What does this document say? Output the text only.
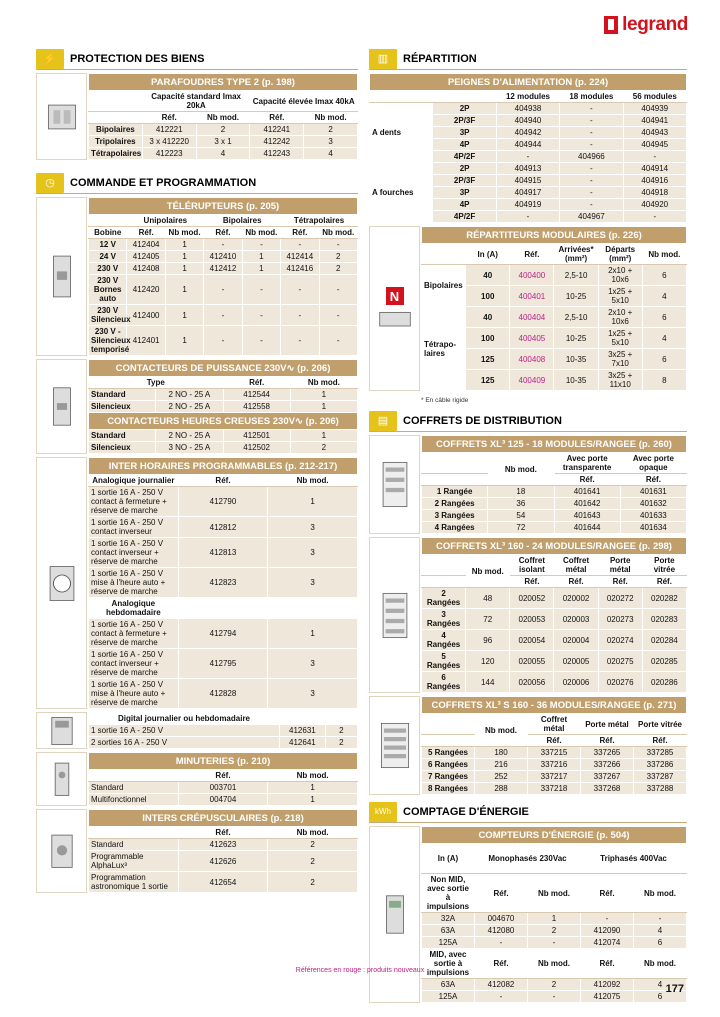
legrand
⚡	PROTECTION DES BIENS
PARAFOUDRES TYPE 2 (p. 198)				
	Capacité standard Imax 20kA		Capacité élevée Imax 40kA	
	Réf.	Nb mod.	Réf.	Nb mod.
Bipolaires	412221	2	412241	2
Tripolaires	3 x 412220	3 x 1	412242	3
Tétrapolaires	412223	4	412243	4
◷	COMMANDE ET PROGRAMMATION
TÉLÉRUPTEURS (p. 205)						
	Unipolaires		Bipolaires		Tétrapolaires	
Bobine	Réf.	Nb mod.	Réf.	Nb mod.	Réf.	Nb mod.
12 V	412404	1	-	-	-	-
24 V	412405	1	412410	1	412414	2
230 V	412408	1	412412	1	412416	2
230 V Bornes auto	412420	1	-	-	-	-
230 V Silencieux	412400	1	-	-	-	-
230 V - Silencieux temporisé	412401	1	-	-	-	-
CONTACTEURS DE PUISSANCE 230V∿ (p. 206)			
Type		Réf.	Nb mod.
Standard	2 NO - 25 A	412544	1
Silencieux	2 NO - 25 A	412558	1
CONTACTEURS HEURES CREUSES 230V∿ (p. 206)			
Standard	2 NO - 25 A	412501	1
Silencieux	3 NO - 25 A	412502	2
INTER HORAIRES PROGRAMMABLES (p. 212-217)		
Analogique journalier	Réf.	Nb mod.
1 sortie 16 A - 250 V contact à fermeture + réserve de marche	412790	1
1 sortie 16 A - 250 V contact inverseur	412812	3
1 sortie 16 A - 250 V contact inverseur + réserve de marche	412813	3
1 sortie 16 A - 250 V mise à l'heure auto + réserve de marche	412823	3
Analogique hebdomadaire		
1 sortie 16 A - 250 V contact à fermeture + réserve de marche	412794	1
1 sortie 16 A - 250 V contact inverseur + réserve de marche	412795	3
1 sortie 16 A - 250 V mise à l'heure auto + réserve de marche	412828	3
Digital journalier ou hebdomadaire		
1 sortie 16 A - 250 V	412631	2
2 sorties 16 A - 250 V	412641	2
MINUTERIES (p. 210)		
	Réf.	Nb mod.
Standard	003701	1
Multifonctionnel	004704	1
INTERS CRÉPUSCULAIRES (p. 218)		
	Réf.	Nb mod.
Standard	412623	2
Programmable AlphaLux³	412626	2
Programmation astronomique 1 sortie	412654	2
▥	RÉPARTITION
PEIGNES D'ALIMENTATION (p. 224)				
		12 modules	18 modules	56 modules
A dents	2P	404938	-	404939
	2P/3F	404940	-	404941
	3P	404942	-	404943
	4P	404944	-	404945
	4P/2F	-	404966	-
A fourches	2P	404913	-	404914
	2P/3F	404915	-	404916
	3P	404917	-	404918
	4P	404919	-	404920
	4P/2F	-	404967	-
N
RÉPARTITEURS MODULAIRES (p. 226)					
	In (A)	Réf.	Arrivées* (mm²)	Départs (mm²)	Nb mod.
Bipolaires	40	400400	2,5-10	2x10 + 10x6	6
	100	400401	10-25	1x25 + 5x10	4
Tétrapo-laires	40	400404	2,5-10	2x10 + 10x6	6
	100	400405	10-25	1x25 + 5x10	4
	125	400408	10-35	3x25 + 7x10	6
	125	400409	10-35	3x25 + 11x10	8
* En câble rigide
▤	COFFRETS DE DISTRIBUTION
COFFRETS XL³ 125 - 18 MODULES/RANGEE (p. 260)			
	Nb mod.	Avec porte transparente	Avec porte opaque
		Réf.	Réf.
1 Rangée	18	401641	401631
2 Rangées	36	401642	401632
3 Rangées	54	401643	401633
4 Rangées	72	401644	401634
COFFRETS XL³ 160 - 24 MODULES/RANGEE (p. 298)					
	Nb mod.	Coffret isolant	Coffret métal	Porte métal	Porte vitrée
		Réf.	Réf.	Réf.	Réf.
2 Rangées	48	020052	020002	020272	020282
3 Rangées	72	020053	020003	020273	020283
4 Rangées	96	020054	020004	020274	020284
5 Rangées	120	020055	020005	020275	020285
6 Rangées	144	020056	020006	020276	020286
COFFRETS XL³ S 160 - 36 MODULES/RANGEE (p. 271)				
	Nb mod.	Coffret métal	Porte métal	Porte vitrée
		Réf.	Réf.	Réf.
5 Rangées	180	337215	337265	337285
6 Rangées	216	337216	337266	337286
7 Rangées	252	337217	337267	337287
8 Rangées	288	337218	337268	337288
kWh	COMPTAGE D'ÉNERGIE
COMPTEURS D'ÉNERGIE (p. 504)				
In (A)	Monophasés 230Vac		Triphasés 400Vac	
Non MID, avec sortie à impulsions	Réf.	Nb mod.	Réf.	Nb mod.
32A	004670	1	-	-
63A	412080	2	412090	4
125A	-	-	412074	6
MID, avec sortie à impulsions	Réf.	Nb mod.	Réf.	Nb mod.
63A	412082	2	412092	4
125A	-	-	412075	6
Références en rouge : produits nouveaux
177
